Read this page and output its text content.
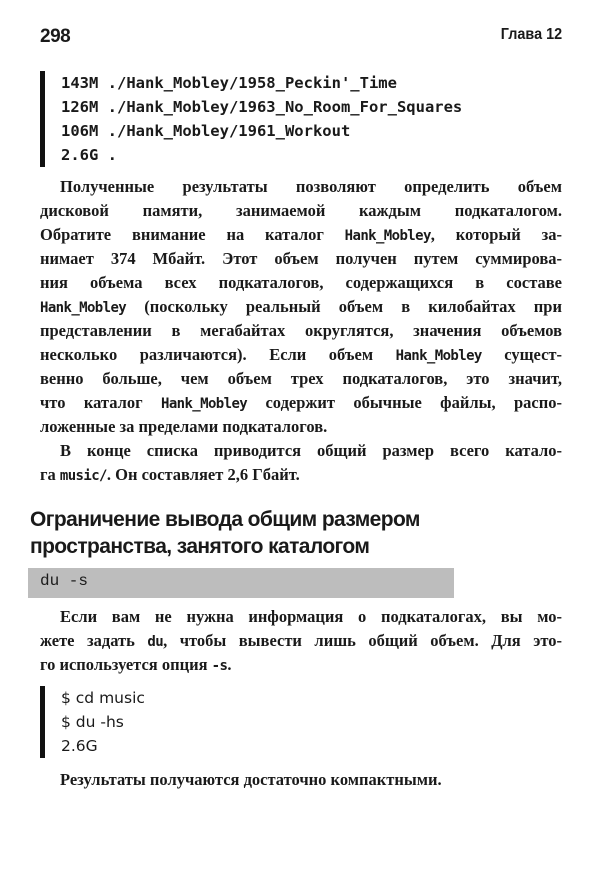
298	Глава 12
143M ./Hank_Mobley/1958_Peckin'_Time
126M ./Hank_Mobley/1963_No_Room_For_Squares
106M ./Hank_Mobley/1961_Workout
2.6G .
Полученные результаты позволяют определить объем
дисковой памяти, занимаемой каждым подкаталогом.
Обратите внимание на каталог Hank_Mobley, который за-
нимает 374 Мбайт. Этот объем получен путем суммирова-
ния объема всех подкаталогов, содержащихся в составе
Hank_Mobley (поскольку реальный объем в килобайтах при
представлении в мегабайтах округлятся, значения объемов
несколько различаются). Если объем Hank_Mobley сущест-
венно больше, чем объем трех подкаталогов, это значит,
что каталог Hank_Mobley содержит обычные файлы, распо-
ложенные за пределами подкаталогов.
В конце списка приводится общий размер всего катало-
га music/. Он составляет 2,6 Гбайт.
Ограничение вывода общим размером
пространства, занятого каталогом
du -s
Если вам не нужна информация о подкаталогах, вы мо-
жете задать du, чтобы вывести лишь общий объем. Для это-
го используется опция -s.
$ cd music
$ du -hs
2.6G
Результаты получаются достаточно компактными.
